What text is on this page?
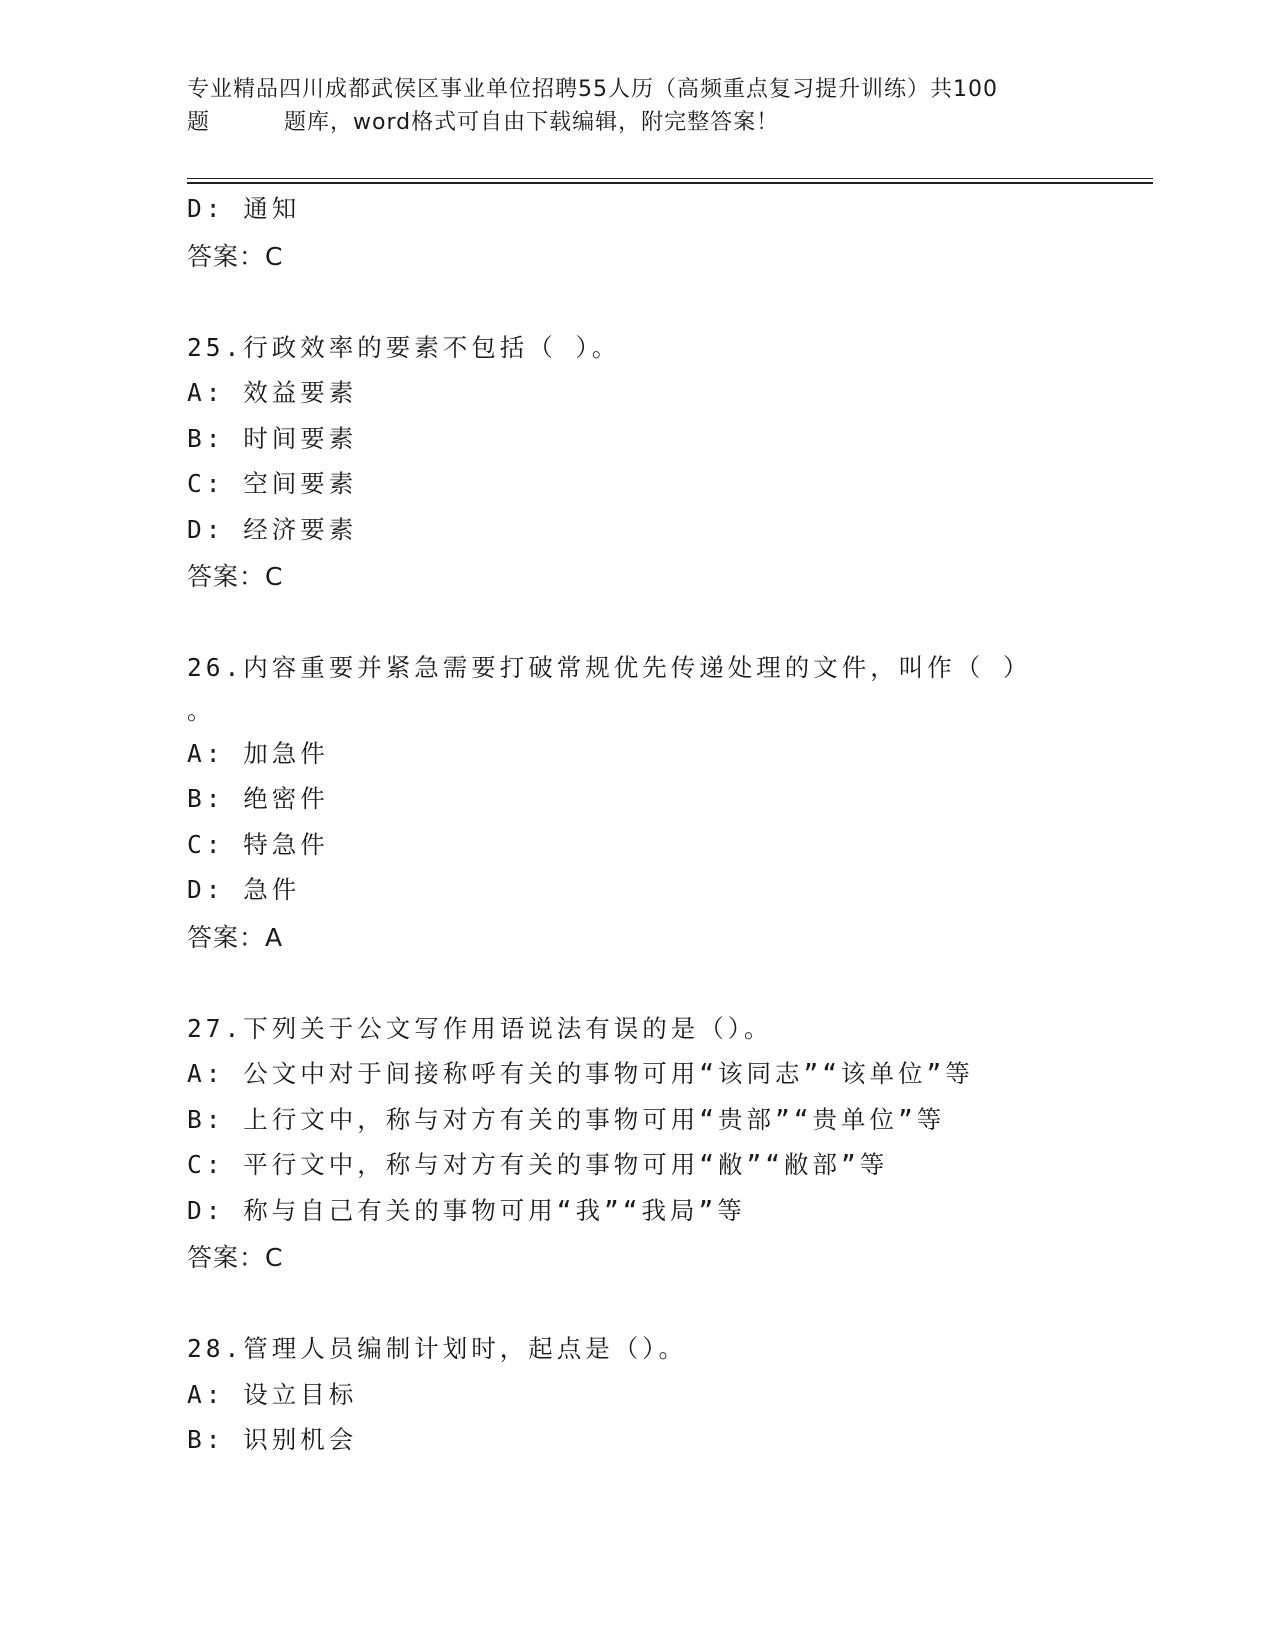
专业精品四川成都武侯区事业单位招聘55人历（高频重点复习提升训练）共100
题	题库，word格式可自由下载编辑，附完整答案！
D: 通知
答案：C
25.行政效率的要素不包括（ ）。
A: 效益要素
B: 时间要素
C: 空间要素
D: 经济要素
答案：C
26.内容重要并紧急需要打破常规优先传递处理的文件，叫作（ ）
。
A: 加急件
B: 绝密件
C: 特急件
D: 急件
答案：A
27.下列关于公文写作用语说法有误的是（）。
A: 公文中对于间接称呼有关的事物可用“该同志”“该单位”等
B: 上行文中，称与对方有关的事物可用“贵部”“贵单位”等
C: 平行文中，称与对方有关的事物可用“敝”“敝部”等
D: 称与自己有关的事物可用“我”“我局”等
答案：C
28.管理人员编制计划时，起点是（）。
A: 设立目标
B: 识别机会
